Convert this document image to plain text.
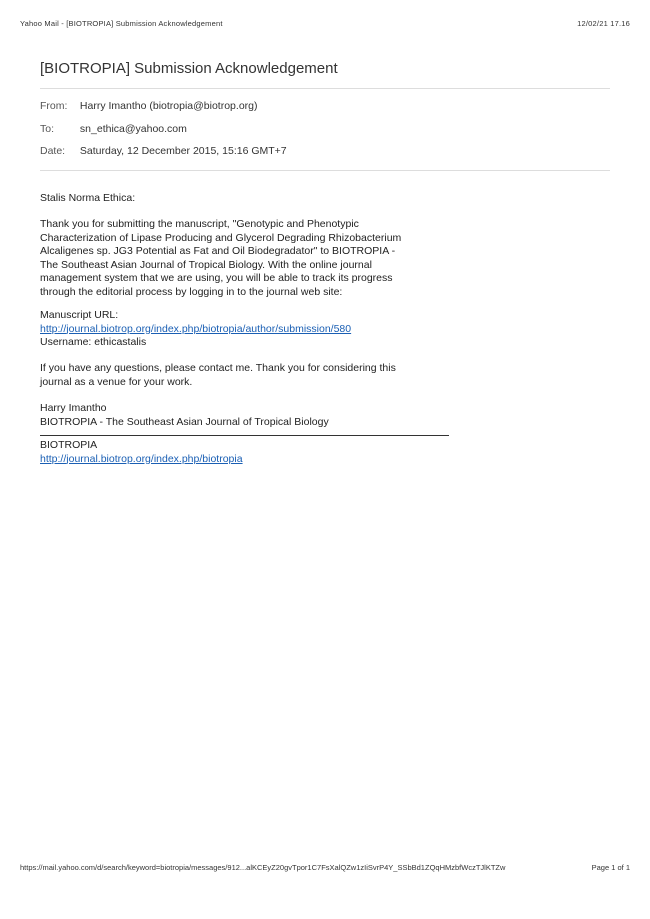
Yahoo Mail - [BIOTROPIA] Submission Acknowledgement	12/02/21 17.16
[BIOTROPIA] Submission Acknowledgement
From: Harry Imantho (biotropia@biotrop.org)
To: sn_ethica@yahoo.com
Date: Saturday, 12 December 2015, 15:16 GMT+7

Stalis Norma Ethica:

Thank you for submitting the manuscript, "Genotypic and Phenotypic

Characterization of Lipase Producing and Glycerol Degrading Rhizobacterium

Alcaligenes sp. JG3 Potential as Fat and Oil Biodegradator" to BIOTROPIA -

The Southeast Asian Journal of Tropical Biology. With the online journal

management system that we are using, you will be able to track its progress

through the editorial process by logging in to the journal web site:

Manuscript URL:

http://journal.biotrop.org/index.php/biotropia/author/submission/580

Username: ethicastalis

If you have any questions, please contact me. Thank you for considering this

journal as a venue for your work.

Harry Imantho

BIOTROPIA - The Southeast Asian Journal of Tropical Biology

BIOTROPIA

http://journal.biotrop.org/index.php/biotropia

https://mail.yahoo.com/d/search/keyword=biotropia/messages/912...alKCEyZ20gvTpor1C7FsXalQZw1zIiSvrP4Y_SSbBd1ZQqHMzbfWczTJlKTZw	Page 1 of 1
